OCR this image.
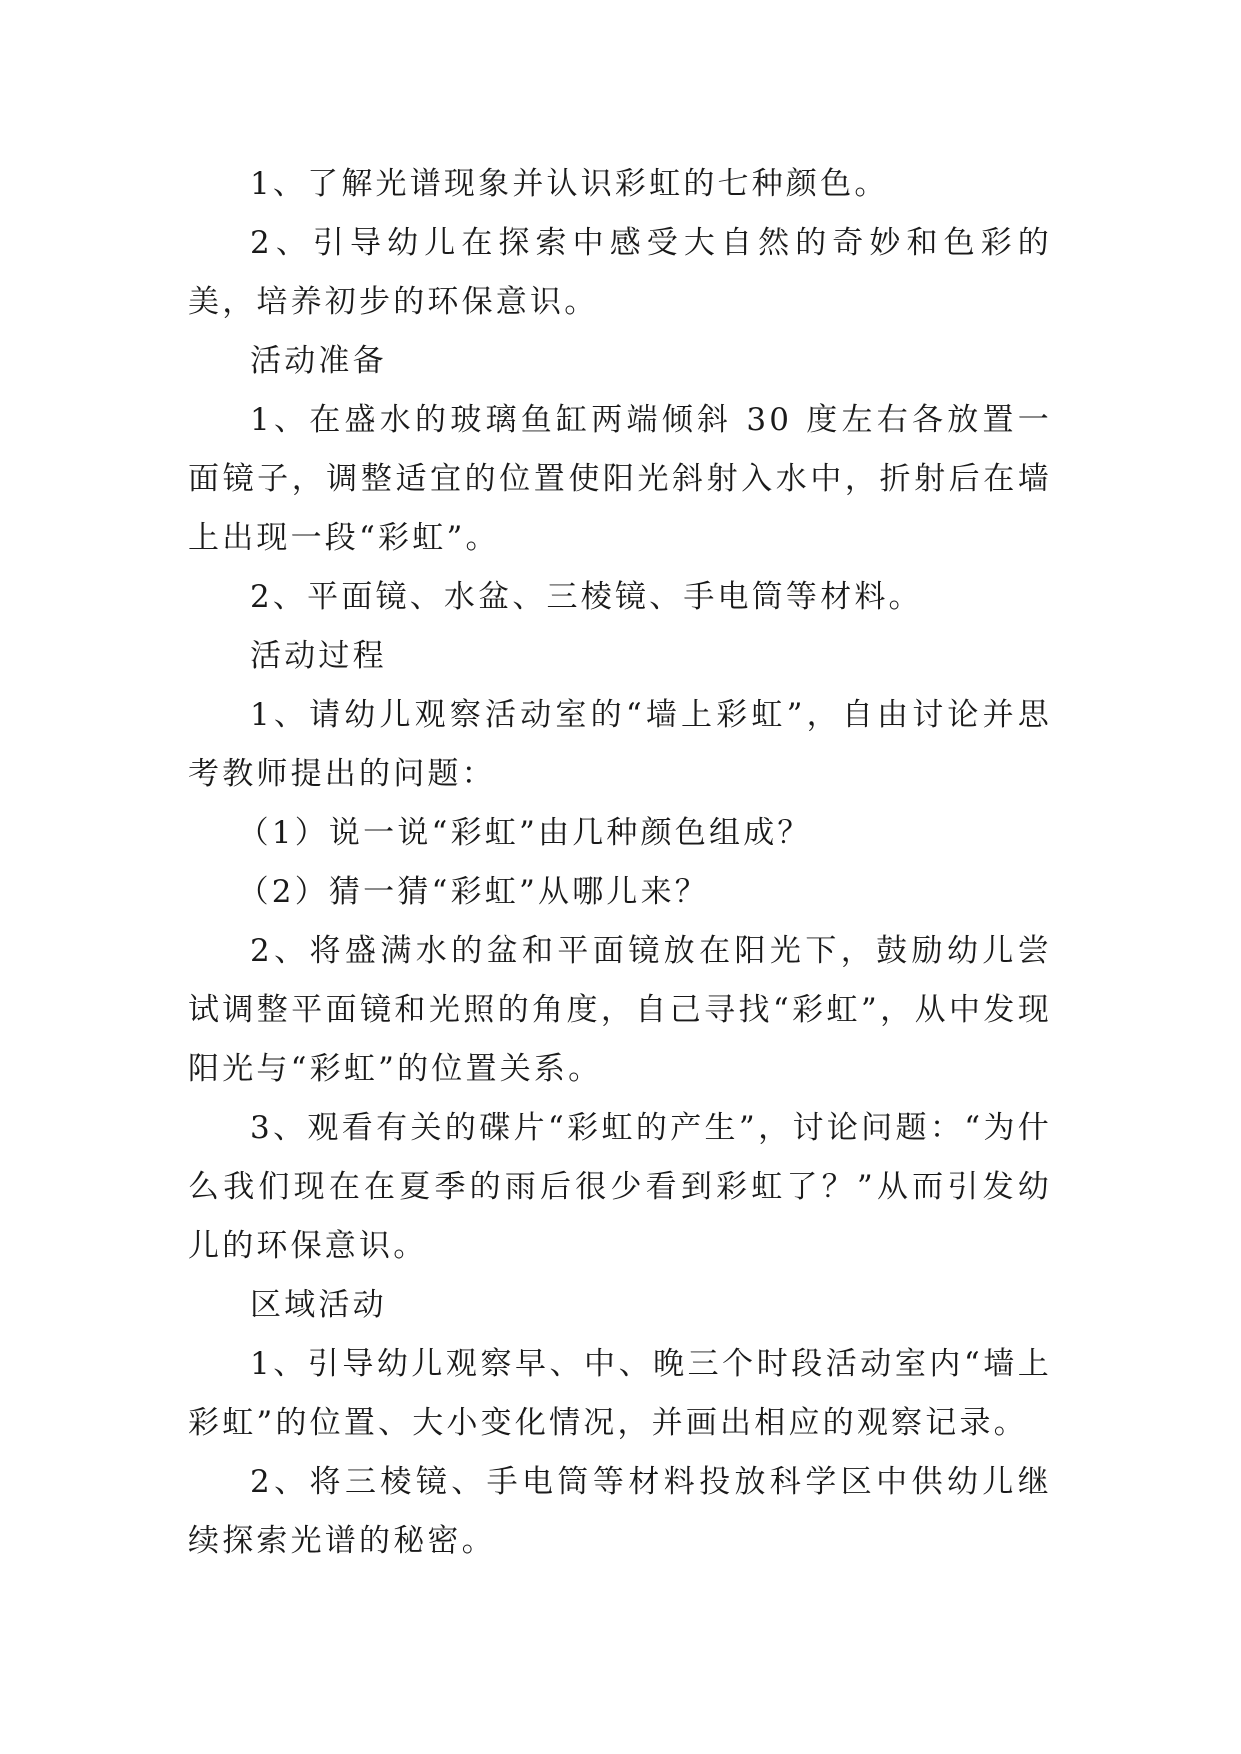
1、了解光谱现象并认识彩虹的七种颜色。

2、引导幼儿在探索中感受大自然的奇妙和色彩的美，培养初步的环保意识。

活动准备

1、在盛水的玻璃鱼缸两端倾斜 30 度左右各放置一面镜子，调整适宜的位置使阳光斜射入水中，折射后在墙上出现一段“彩虹”。

2、平面镜、水盆、三棱镜、手电筒等材料。

活动过程

1、请幼儿观察活动室的“墙上彩虹”，自由讨论并思考教师提出的问题：

（1）说一说“彩虹”由几种颜色组成？

（2）猜一猜“彩虹”从哪儿来？

2、将盛满水的盆和平面镜放在阳光下，鼓励幼儿尝试调整平面镜和光照的角度，自己寻找“彩虹”，从中发现阳光与“彩虹”的位置关系。

3、观看有关的碟片“彩虹的产生”，讨论问题：“为什么我们现在在夏季的雨后很少看到彩虹了？”从而引发幼儿的环保意识。

区域活动

1、引导幼儿观察早、中、晚三个时段活动室内“墙上彩虹”的位置、大小变化情况，并画出相应的观察记录。

2、将三棱镜、手电筒等材料投放科学区中供幼儿继续探索光谱的秘密。
